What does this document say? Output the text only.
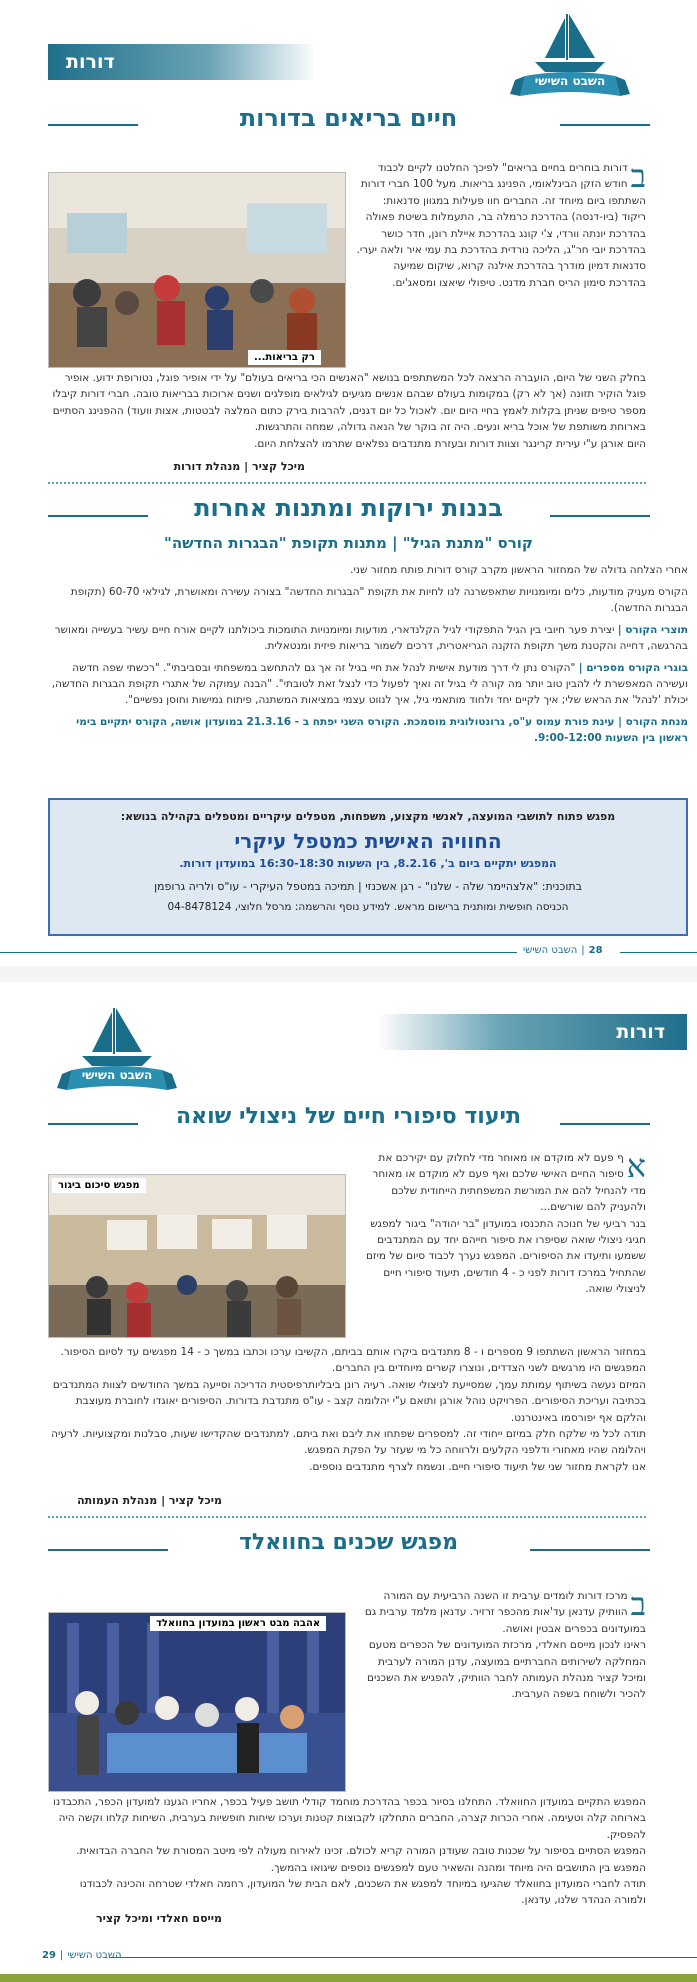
דורות
השבט השישי
חיים בריאים בדורות
רק בריאות...
ב

דורות בוחרים בחיים בריאים" לפיכך החלטנו לקיים לכבוד חודש הזקן הבינלאומי, הפנינג בריאות. מעל 100 חברי דורות השתתפו ביום מיוחד זה. החברים חוו פעילות במגוון סדנאות: ריקוד (ביו-דנסה) בהדרכת כרמלה בר, התעמלות בשיטת פאולה בהדרכת יונתה וורדי, צ'י קונג בהדרכת איילת רונן, חדר כושר בהדרכת יובי חר"ג, הליכה נורדית בהדרכת בת עמי איר ולאה יערי. סדנאות דמיון מודרך בהדרכת אילנה קרוא, שיקום שמיעה בהדרכת סימון הריס חברת מדנט. טיפולי שיאצו ומסאג'ים.

בחלק השני של היום, הועברה הרצאה לכל המשתתפים בנושא "האנשים הכי בריאים בעולם" על ידי אופיר פוגל, נטורופת ידוע. אופיר פוגל הוקיר תזונה (אך לא רק) במקומות בעולם שבהם אנשים מגיעים לגילאים מופלגים ושנים ארוכות בבריאות טובה. חברי דורות קיבלו מספר טיפים שניתן בקלות לאמץ בחיי היום יום. לאכול כל יום דגנים, להרבות בירק כתום המלצה לבטטות, אצות וועוד) ההפנינג הסתיים בארוחת משותפת של אוכל בריא ונעים. היה זה בוקר של הנאה גדולה, שמחה והתרגשות.

היום אורגן ע"י עירית קרינגר וצוות דורות ובעזרת מתנדבים נפלאים שתרמו להצלחת היום.

מיכל קציר | מנהלת דורות
בננות ירוקות ומתנות אחרות
קורס "מתנת הגיל" | מתנות תקופת "הבגרות החדשה"

אחרי הצלחה גדולה של המחזור הראשון מקרב קורס דורות פותח מחזור שני.

הקורס מעניק מודעות, כלים ומיומנויות שתאפשרנה לנו לחיות את תקופת "הבגרות החדשה" בצורה עשירה ומאושרת, לגילאי 60-70 (תקופת הבגרות החדשה).

תוצרי הקורס | יצירת פער חיובי בין הגיל התפקודי לגיל הקלנדארי, מודעות ומיומנויות התומכות ביכולתנו לקיים אורח חיים עשיר בעשייה ומאושר בהרגשה, דחייה והקטנת משך תקופת הזקנה הגריאטרית, דרכים לשמור בריאות פיזית ומנטאלית.

בוגרי הקורס מספרים | "הקורס נתן לי דרך מודעת אישית לנהל את חיי בגיל זה אך גם להתחשב במשפחתי ובסביבתי". "רכשתי שפה חדשה ועשירה המאפשרת לי להבין טוב יותר מה קורה לי בגיל זה ואיך לפעול כדי לנצל זאת לטובתי". "הבנה עמוקה של אתגרי תקופת הבגרות החדשה, יכולת 'לנהל' את הראש שלי; איך לקיים יחד ולחוד מותאמי גיל, איך לנווט עצמי במציאות המשתנה, פיתוח גמישות וחוסן נפשיים".

מנחת הקורס | עינת פורת עמוס ע"ס, גרונטולוגית מוסמכת. הקורס השני יפתח ב - 21.3.16 במועדון אושה, הקורס יתקיים בימי ראשון בין השעות 9:00-12:00.

מפגש פתוח לתושבי המועצה, לאנשי מקצוע, משפחות, מטפלים עיקריים ומטפלים בקהילה בנושא:
החוויה האישית כמטפל עיקרי
המפגש יתקיים ביום ב', 8.2.16, בין השעות 16:30-18:30 במועדון דורות.
בתוכנית: "אלצהיימר שלה - שלנו" - רגן אשכנזי | תמיכה במטפל העיקרי - עו"ס ולריה גרופמן
הכניסה חופשית ומותנית ברישום מראש. למידע נוסף והרשמה: מרסל חלוצי, 04-8478124
28
|
השבט השישי
דורות
השבט השישי
תיעוד סיפורי חיים של ניצולי שואה
מפגש סיכום ביגור
א

ף פעם לא מוקדם או מאוחר מדי לחלוק עם יקירכם את סיפור החיים האישי שלכם ואף פעם לא מוקדם או מאוחר מדי להנחיל להם את המורשת המשפחתית הייחודית שלכם ולהעניק להם שורשים...

בנר רביעי של חנוכה התכנסו במועדון "בר יהודה" ביגור למפגש חגיגי ניצולי שואה שסיפרו את סיפור חייהם יחד עם המתנדבים ששמעו ותיעדו את הסיפורים. המפגש נערך לכבוד סיום של מיזם שהתחיל במרכז דורות לפני כ - 4 חודשים, תיעוד סיפורי חיים לניצולי שואה.

במחזור הראשון השתתפו 9 מספרים ו - 8 מתנדבים ביקרו אותם בביתם, הקשיבו ערכו וכתבו במשך כ - 14 מפגשים עד לסיום הסיפור. המפגשים היו מרגשים לשני הצדדים, ונוצרו קשרים מיוחדים בין החברים.

המיזם נעשה בשיתוף עמותת עמך, שמסייעת לניצולי שואה. רעיה רונן ביבליותרפיסטית הדריכה וסייעה במשך החודשים לצוות המתנדבים בכתיבה ועריכת הסיפורים. הפרויקט נוהל אורגן ותואם ע"י יהלומה קצב - עו"ס מתנדבת בדורות. הסיפורים יאוגדו לחוברת מעוצבת והלקם אף יפורסמו באינטרנט.

תודה לכל מי שלקח חלק במיזם ייחודי זה. למספרים שפתחו את ליבם ואת ביתם. למתנדבים שהקדישו שעות, סבלנות ומקצועיות. לרעיה ויהלומה שהיו מאחורי ודלפני הקלעים ולרווחה כל מי שעזר על הפקת המפגש.

אנו לקראת מחזור שני של תיעוד סיפורי חיים. ונשמח לצרף מתנדבים נוספים.

מיכל קציר | מנהלת העמותה
מפגש שכנים בחוואלד
אהבה מבט ראשון במועדון בחוואלד
ב

מרכז דורות לומדים ערבית זו השנה הרביעית עם המורה הוותיק עדנאן עד'אות מהכפר זרזיר. עדנאן מלמד ערבית גם במועדונים בכפרים אבטין ואושה.

ראינו לנכון מייסם חאלדי, מרכזת המועדונים של הכפרים מטעם המחלקה לשירותים החברתיים במועצה, עדנן המורה לערבית ומיכל קציר מנהלת העמותה לחבר הוותיק, להפגיש את השכנים להכיר ולשוחח בשפה הערבית.

המפגש התקיים במועדון החוואלד. התחלנו בסיור בכפר בהדרכת מוחמד קודלי תושב פעיל בכפר, אחריו הגענו למועדון הכפר, התכבדנו בארוחה קלה וטעימה. אחרי הכרות קצרה, החברים התחלקו לקבוצות קטנות וערכו שיחות חופשיות בערבית, השיחות קלחו וקשה היה להפסיק.

המפגש הסתיים בסיפור על שכנות טובה שעודנן המורה קריא לכולם. זכינו לאירוח מעולה לפי מיטב המסורת של החברה הבדואית. המפגש בין התושבים היה מיוחד ומהנה והשאיר טעם למפגשים נוספים שיגואו בהמשך.

תודה לחברי המועדון בחוואלד שהגיעו במיוחד למפגש את השכנים, לאם הבית של המועדון, רחמה חאלדי שטרחה והכינה לכבודנו ולמורה הנהדר שלנו, עדנאן.

מייסם חאלדי ומיכל קציר
השבט השישי
|
29
